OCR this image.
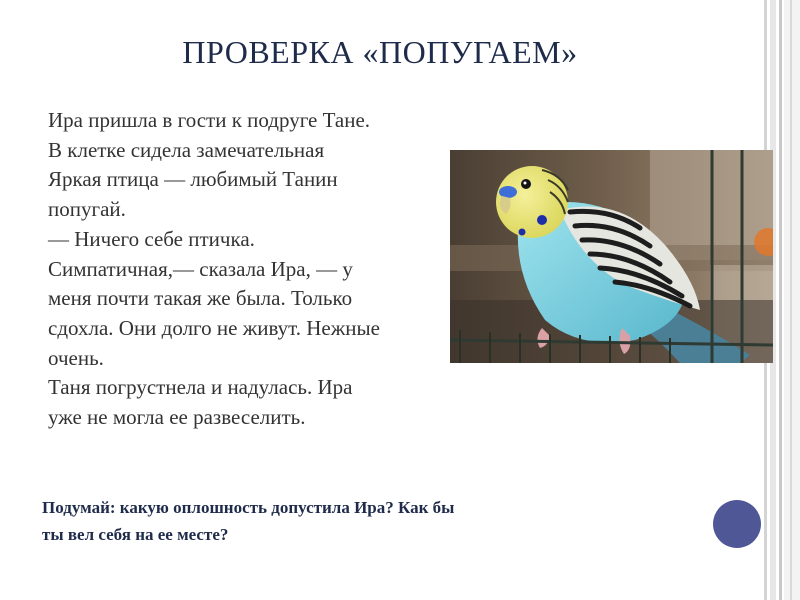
ПРОВЕРКА «ПОПУГАЕМ»
Ира пришла в гости к подруге Тане.
В клетке сидела замечательная
Яркая птица — любимый Танин
попугай.
— Ничего себе птичка.
Симпатичная,— сказала Ира, — у
меня почти такая же была. Только
сдохла. Они долго не живут. Нежные
очень.
Таня погрустнела и надулась. Ира
уже не могла ее развеселить.
Подумай: какую оплошность допустила Ира? Как бы
ты вел себя на ее месте?
